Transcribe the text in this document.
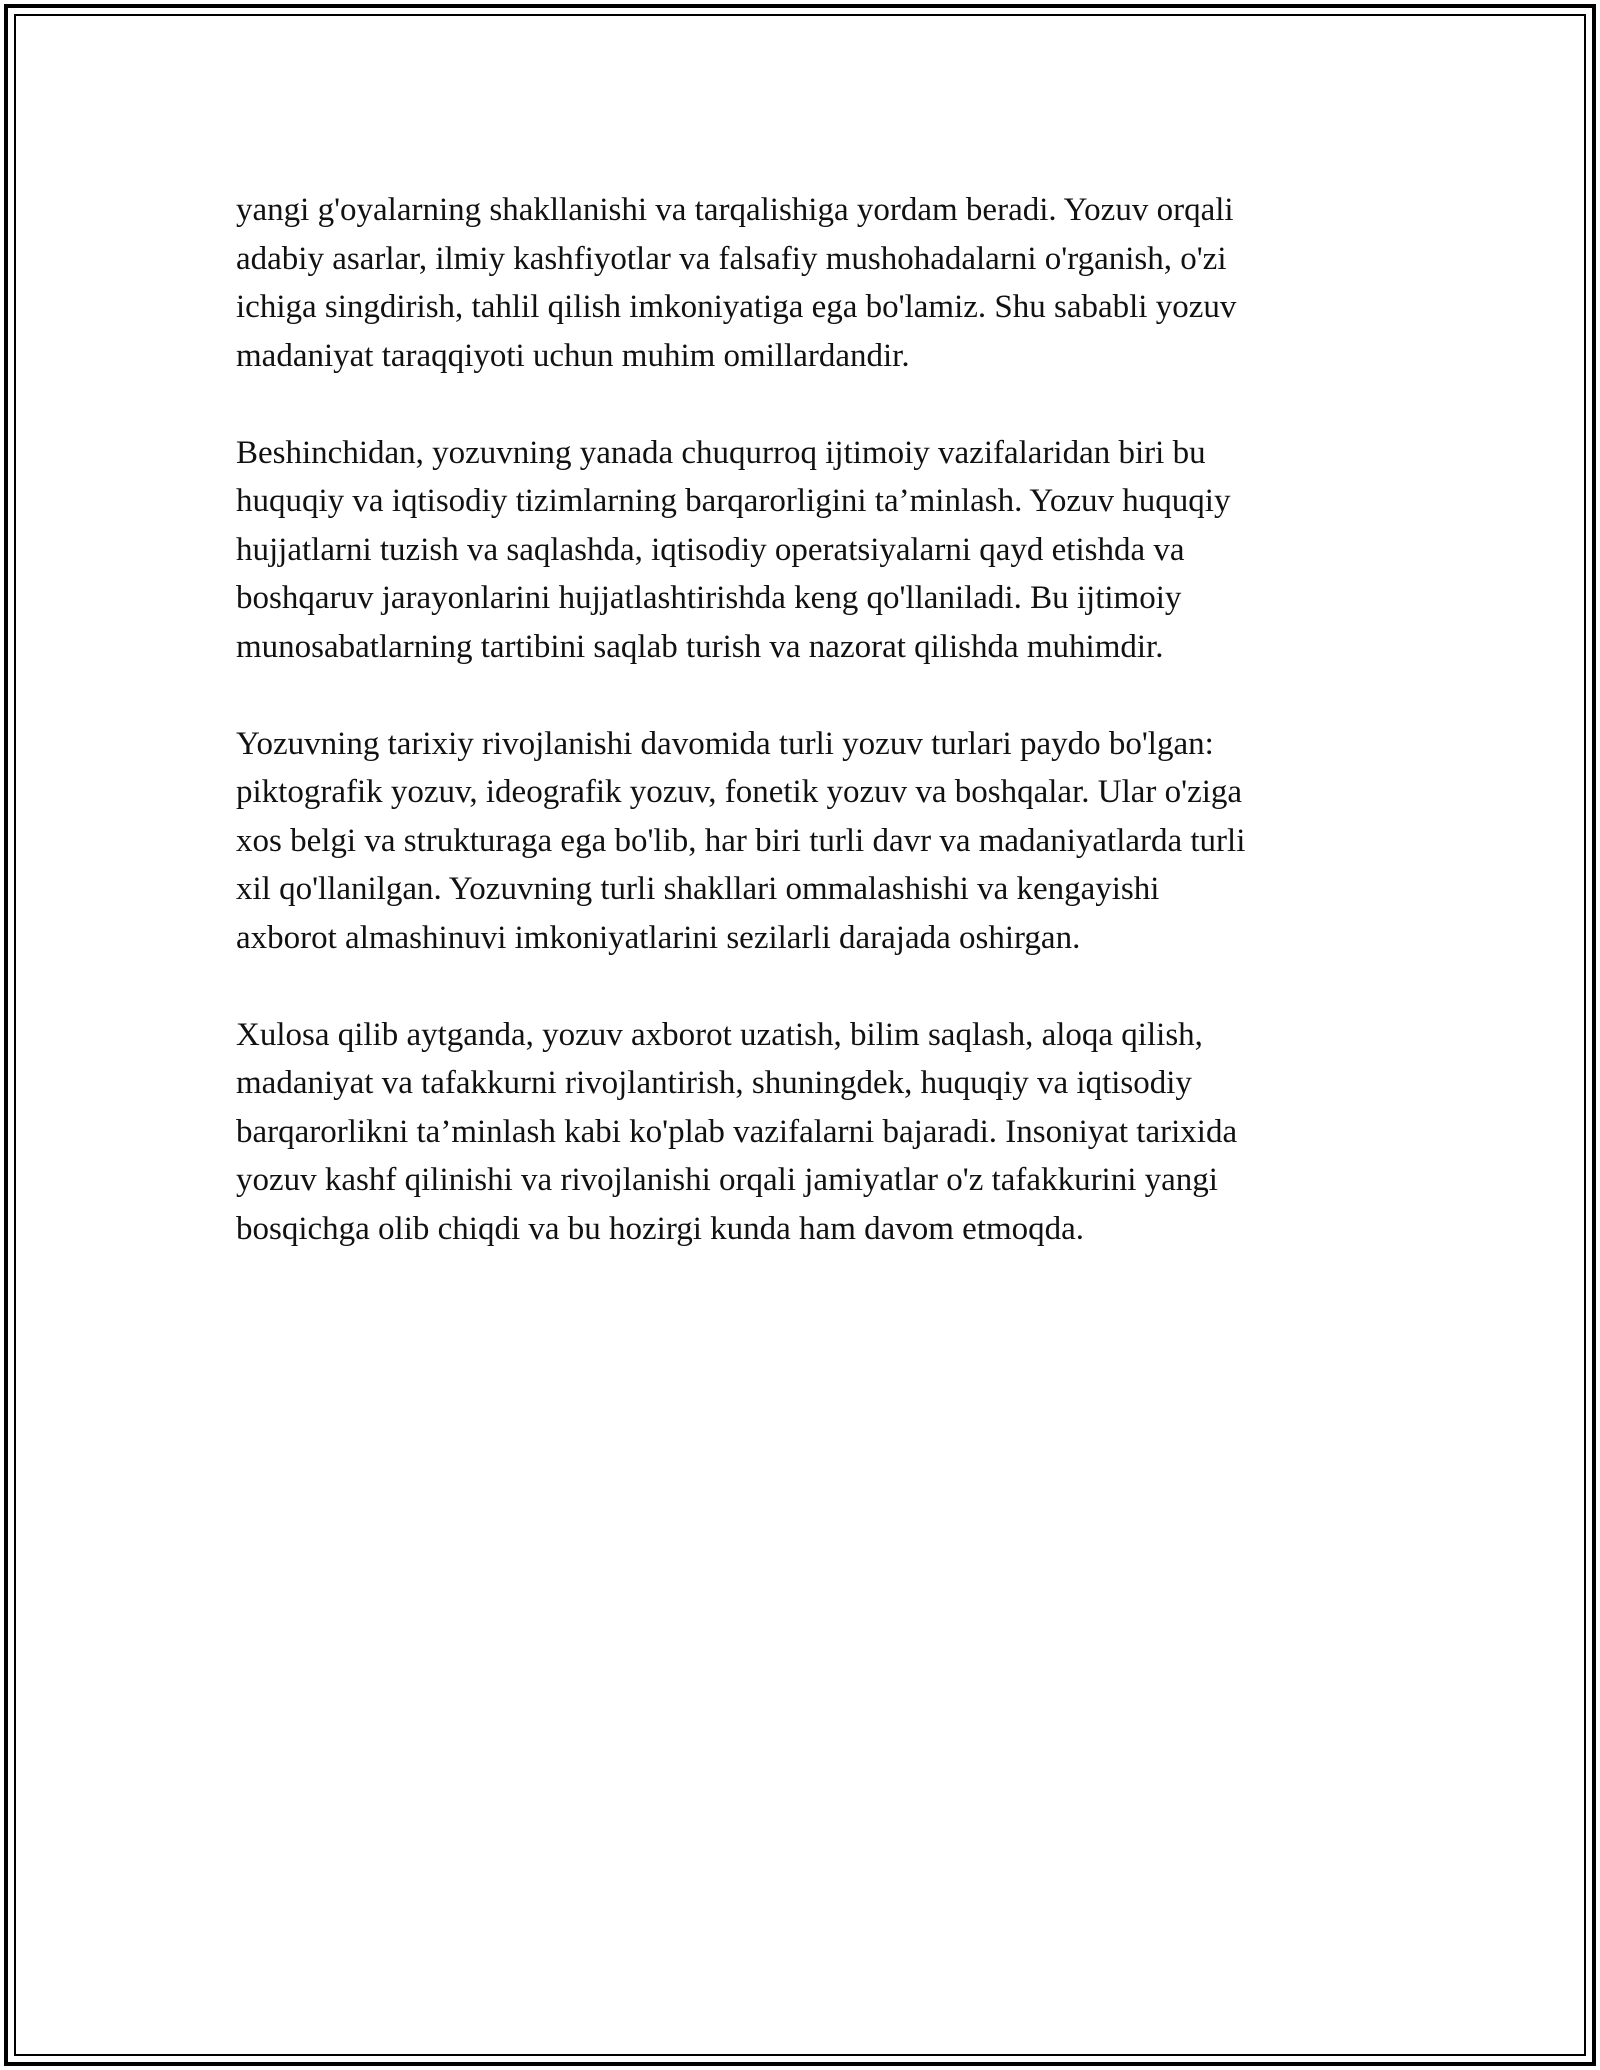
yangi g'oyalarning shakllanishi va tarqalishiga yordam beradi. Yozuv orqali
adabiy asarlar, ilmiy kashfiyotlar va falsafiy mushohadalarni o'rganish, o'zi
ichiga singdirish, tahlil qilish imkoniyatiga ega bo'lamiz. Shu sababli yozuv
madaniyat taraqqiyoti uchun muhim omillardandir.

Beshinchidan, yozuvning yanada chuqurroq ijtimoiy vazifalaridan biri bu
huquqiy va iqtisodiy tizimlarning barqarorligini ta’minlash. Yozuv huquqiy
hujjatlarni tuzish va saqlashda, iqtisodiy operatsiyalarni qayd etishda va
boshqaruv jarayonlarini hujjatlashtirishda keng qo'llaniladi. Bu ijtimoiy
munosabatlarning tartibini saqlab turish va nazorat qilishda muhimdir.

Yozuvning tarixiy rivojlanishi davomida turli yozuv turlari paydo bo'lgan:
piktografik yozuv, ideografik yozuv, fonetik yozuv va boshqalar. Ular o'ziga
xos belgi va strukturaga ega bo'lib, har biri turli davr va madaniyatlarda turli
xil qo'llanilgan. Yozuvning turli shakllari ommalashishi va kengayishi
axborot almashinuvi imkoniyatlarini sezilarli darajada oshirgan.

Xulosa qilib aytganda, yozuv axborot uzatish, bilim saqlash, aloqa qilish,
madaniyat va tafakkurni rivojlantirish, shuningdek, huquqiy va iqtisodiy
barqarorlikni ta’minlash kabi ko'plab vazifalarni bajaradi. Insoniyat tarixida
yozuv kashf qilinishi va rivojlanishi orqali jamiyatlar o'z tafakkurini yangi
bosqichga olib chiqdi va bu hozirgi kunda ham davom etmoqda.
